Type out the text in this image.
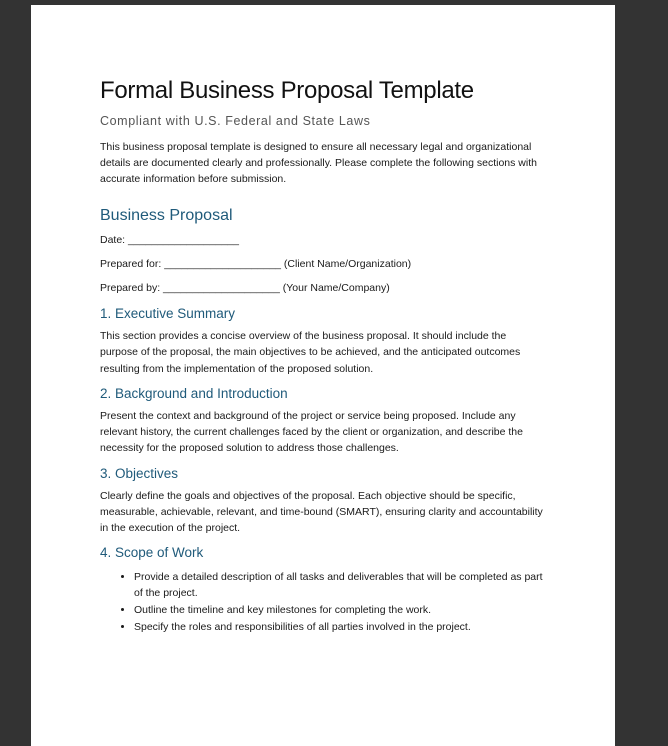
Formal Business Proposal Template

Compliant with U.S. Federal and State Laws

This business proposal template is designed to ensure all necessary legal and organizational details are documented clearly and professionally. Please complete the following sections with accurate information before submission.

Business Proposal

Date: ___________________

Prepared for: ____________________ (Client Name/Organization)

Prepared by: ____________________ (Your Name/Company)

1. Executive Summary

This section provides a concise overview of the business proposal. It should include the purpose of the proposal, the main objectives to be achieved, and the anticipated outcomes resulting from the implementation of the proposed solution.

2. Background and Introduction

Present the context and background of the project or service being proposed. Include any relevant history, the current challenges faced by the client or organization, and describe the necessity for the proposed solution to address those challenges.

3. Objectives

Clearly define the goals and objectives of the proposal. Each objective should be specific, measurable, achievable, relevant, and time-bound (SMART), ensuring clarity and accountability in the execution of the project.

4. Scope of Work
• Provide a detailed description of all tasks and deliverables that will be completed as part of the project.
• Outline the timeline and key milestones for completing the work.
• Specify the roles and responsibilities of all parties involved in the project.
